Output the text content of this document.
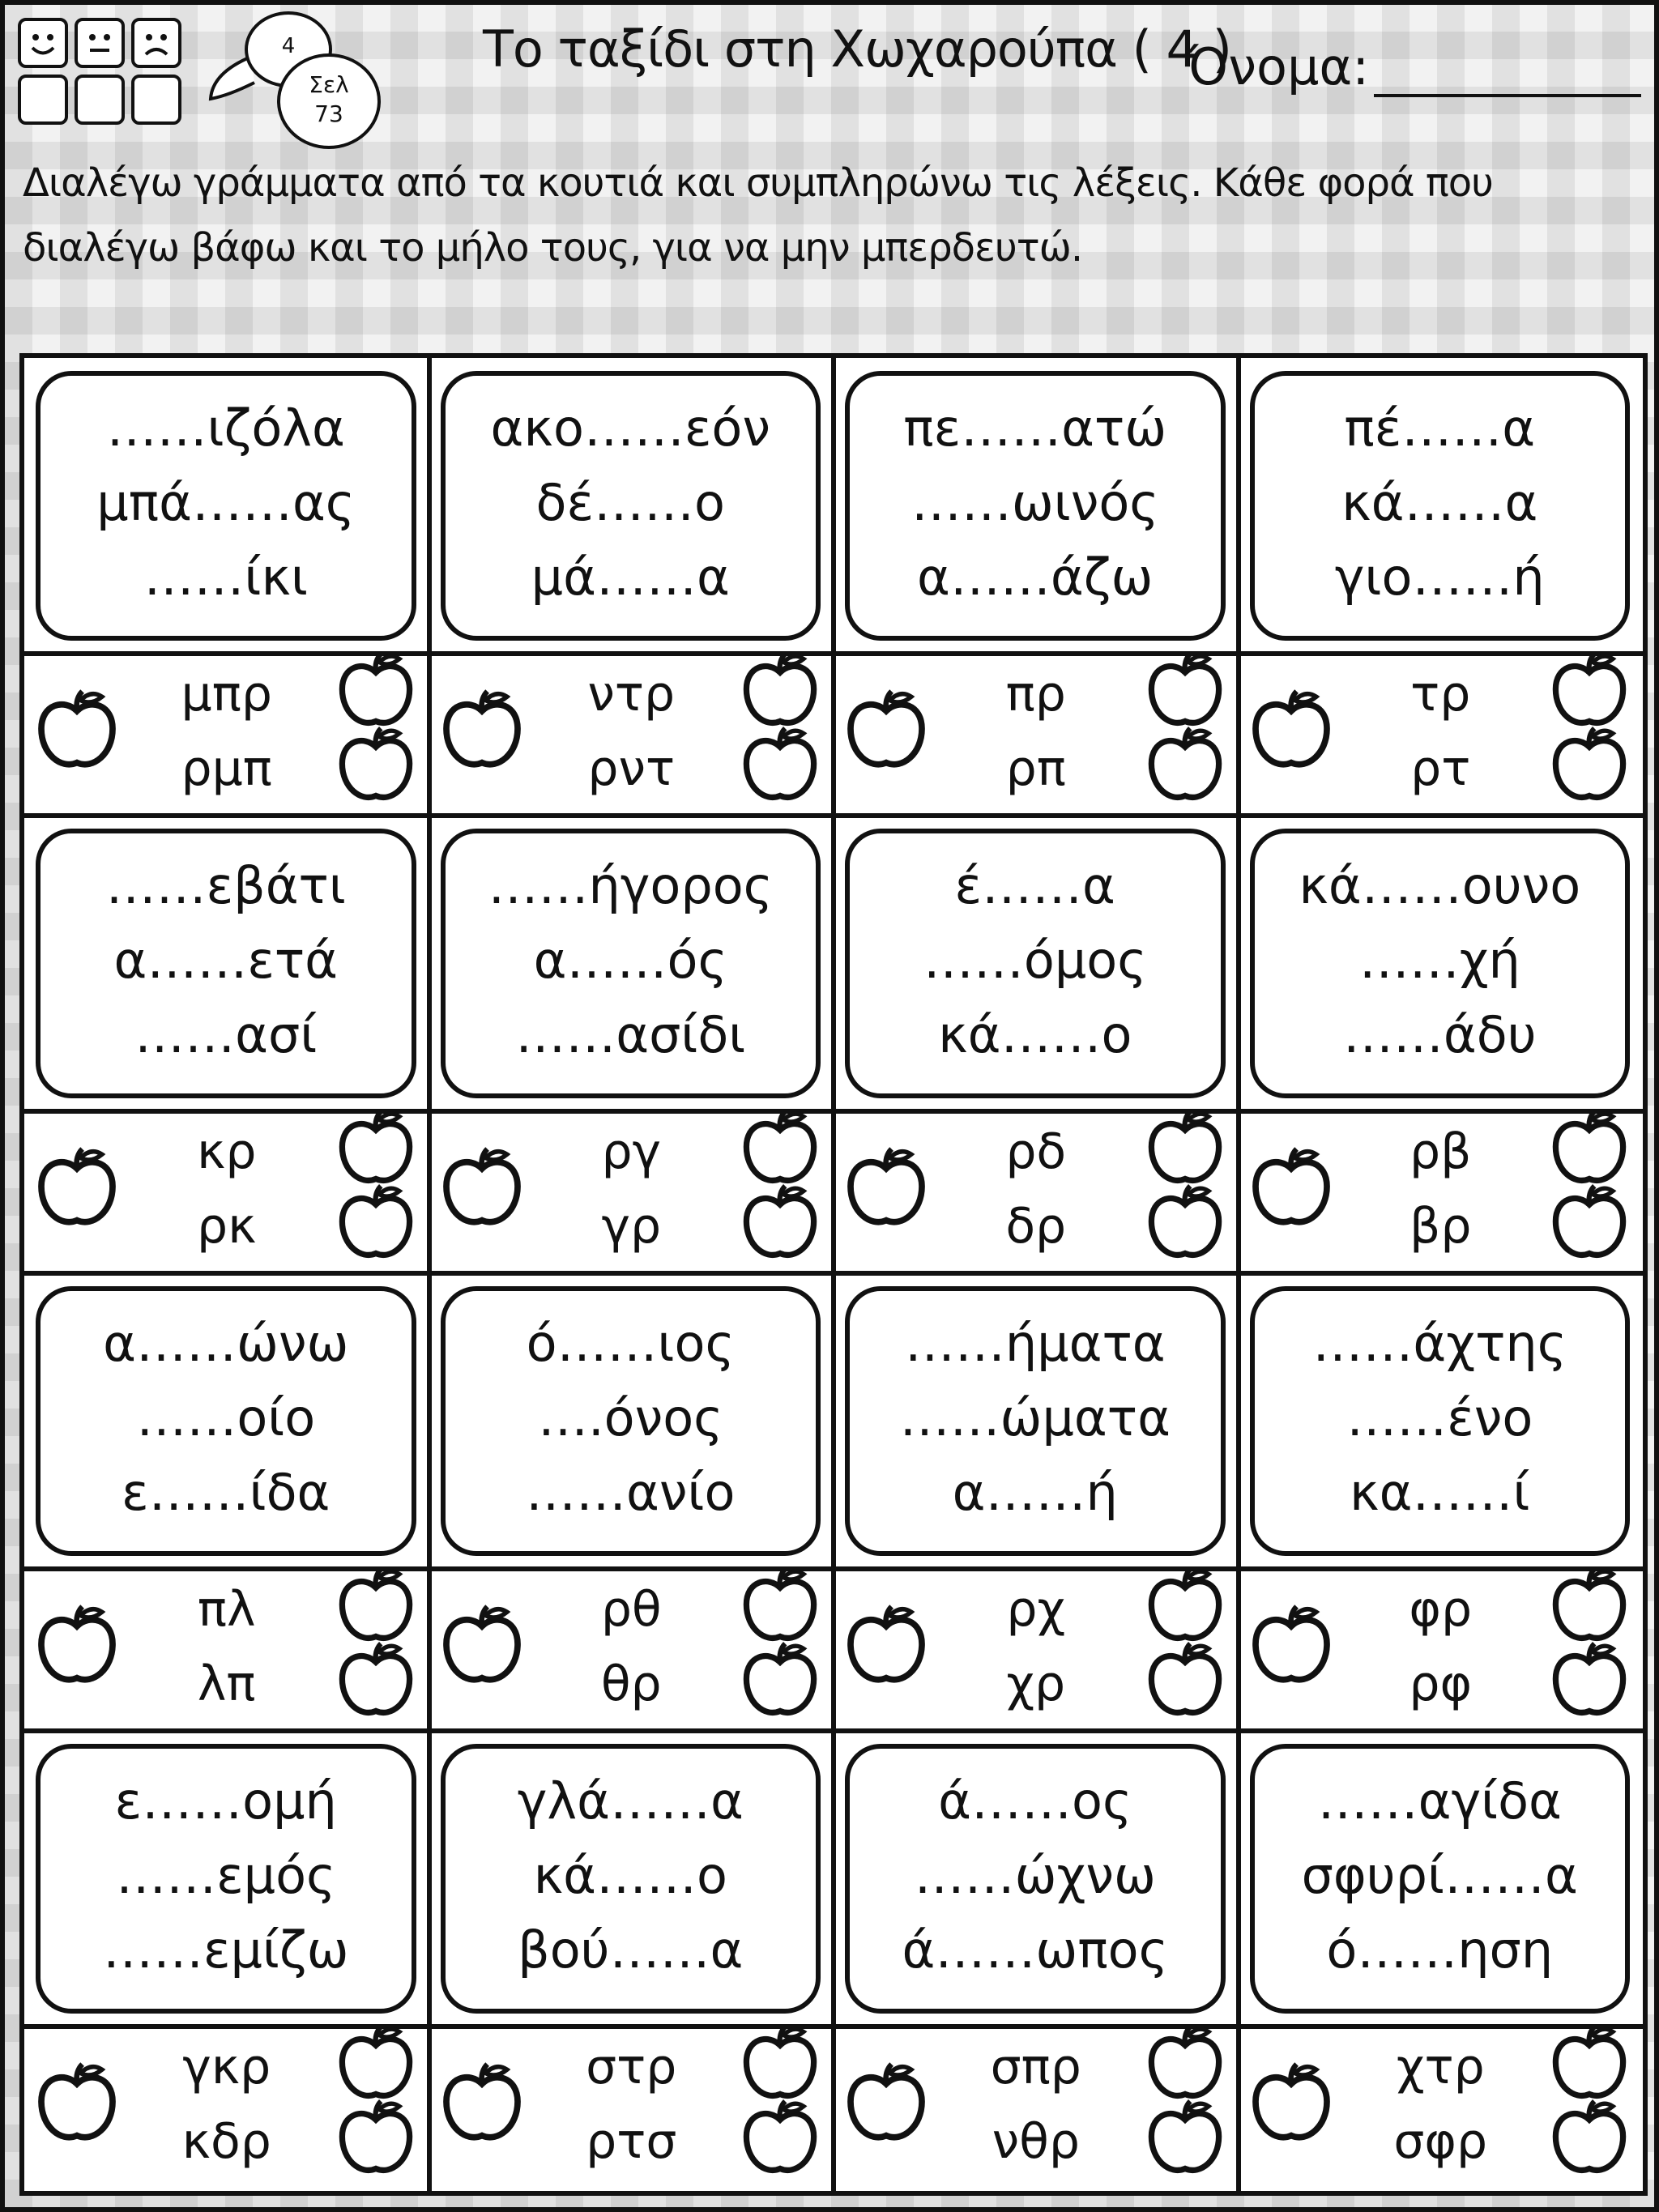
4
Σελ
73
Το ταξίδι στη Χωχαρούπα ( 4 )
Όνομα:
Διαλέγω γράμματα από τα κουτιά και συμπληρώνω τις λέξεις. Κάθε φορά που
διαλέγω βάφω και το μήλο τους, για να μην μπερδευτώ.
……ιζόλα
μπά……ας
……ίκι
μπρ
ρμπ
ακο……εόν
δέ……ο
μά……α
ντρ
ρντ
πε……ατώ
……ωινός
α……άζω
πρ
ρπ
πέ……α
κά……α
γιο……ή
τρ
ρτ
……εβάτι
α……ετά
……ασί
κρ
ρκ
……ήγορος
α……ός
……ασίδι
ργ
γρ
έ……α
……όμος
κά……ο
ρδ
δρ
κά……ουνο
……χή
……άδυ
ρβ
βρ
α……ώνω
……οίο
ε……ίδα
πλ
λπ
ό……ιος
….όνος
……ανίο
ρθ
θρ
……ήματα
……ώματα
α……ή
ρχ
χρ
……άχτης
……ένο
κα……ί
φρ
ρφ
ε……ομή
……εμός
……εμίζω
γκρ
κδρ
γλά……α
κά……ο
βού……α
στρ
ρτσ
ά……ος
……ώχνω
ά……ωπος
σπρ
νθρ
……αγίδα
σφυρί……α
ό……ηση
χτρ
σφρ
